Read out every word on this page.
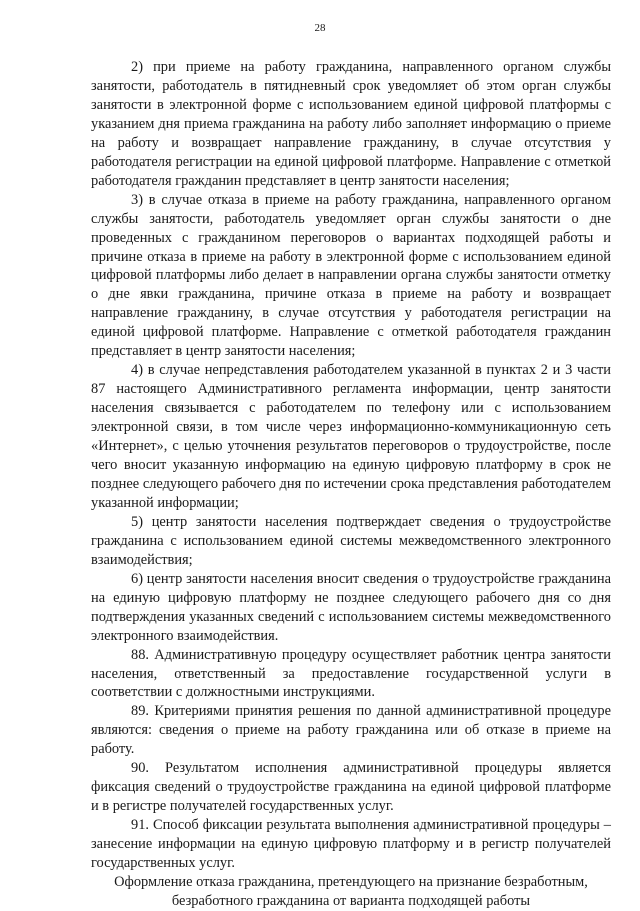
28

2) при приеме на работу гражданина, направленного органом службы занятости, работодатель в пятидневный срок уведомляет об этом орган службы занятости в электронной форме с использованием единой цифровой платформы с указанием дня приема гражданина на работу либо заполняет информацию о приеме на работу и возвращает направление гражданину, в случае отсутствия у работодателя регистрации на единой цифровой платформе. Направление с отметкой работодателя гражданин представляет в центр занятости населения;

3) в случае отказа в приеме на работу гражданина, направленного органом службы занятости, работодатель уведомляет орган службы занятости о дне проведенных с гражданином переговоров о вариантах подходящей работы и причине отказа в приеме на работу в электронной форме с использованием единой цифровой платформы либо делает в направлении органа службы занятости отметку о дне явки гражданина, причине отказа в приеме на работу и возвращает направление гражданину, в случае отсутствия у работодателя регистрации на единой цифровой платформе. Направление с отметкой работодателя гражданин представляет в центр занятости населения;

4) в случае непредставления работодателем указанной в пунктах 2 и 3 части 87 настоящего Административного регламента информации, центр занятости населения связывается с работодателем по телефону или с использованием электронной связи, в том числе через информационно-коммуникационную сеть «Интернет», с целью уточнения результатов переговоров о трудоустройстве, после чего вносит указанную информацию на единую цифровую платформу в срок не позднее следующего рабочего дня по истечении срока представления работодателем указанной информации;

5) центр занятости населения подтверждает сведения о трудоустройстве гражданина с использованием единой системы межведомственного электронного взаимодействия;

6) центр занятости населения вносит сведения о трудоустройстве гражданина на единую цифровую платформу не позднее следующего рабочего дня со дня подтверждения указанных сведений с использованием системы межведомственного электронного взаимодействия.

88. Административную процедуру осуществляет работник центра занятости населения, ответственный за предоставление государственной услуги в соответствии с должностными инструкциями.

89. Критериями принятия решения по данной административной процедуре являются: сведения о приеме на работу гражданина или об отказе в приеме на работу.

90. Результатом исполнения административной процедуры является фиксация сведений о трудоустройстве гражданина на единой цифровой платформе и в регистре получателей государственных услуг.

91. Способ фиксации результата выполнения административной процедуры – занесение информации на единую цифровую платформу и в регистр получателей государственных услуг.

Оформление отказа гражданина, претендующего на признание безработным,
безработного гражданина от варианта подходящей работы
